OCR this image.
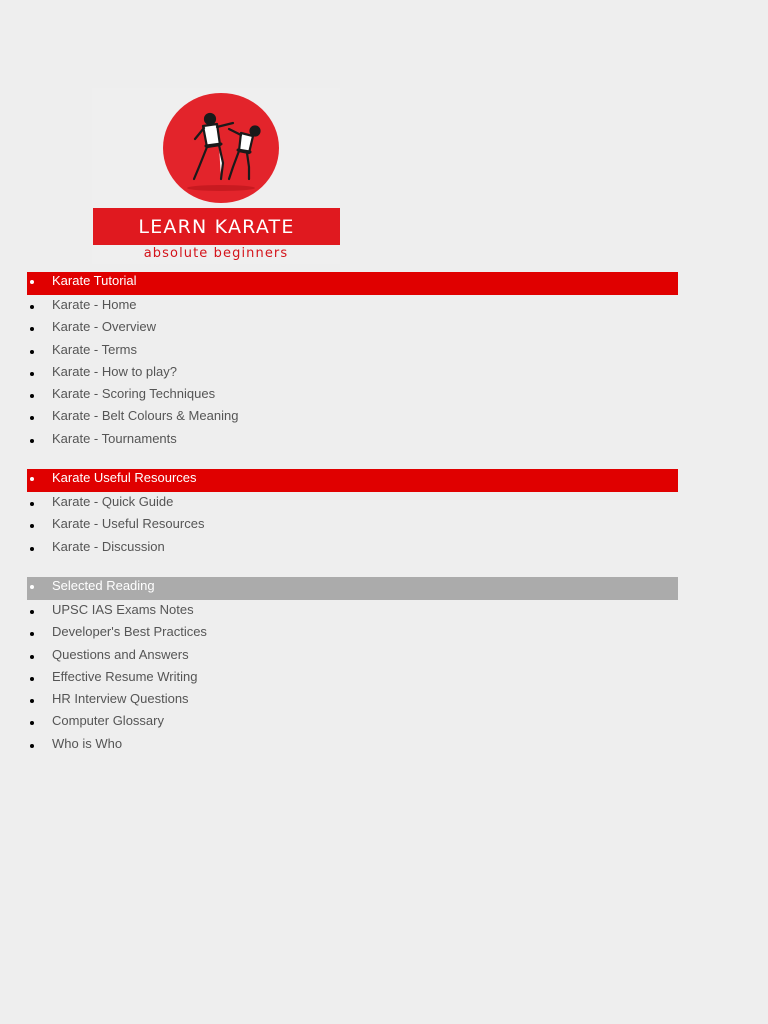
LEARN KARATE
absolute beginners
Karate Tutorial
Karate - Home
Karate - Overview
Karate - Terms
Karate - How to play?
Karate - Scoring Techniques
Karate - Belt Colours & Meaning
Karate - Tournaments
Karate Useful Resources
Karate - Quick Guide
Karate - Useful Resources
Karate - Discussion
Selected Reading
UPSC IAS Exams Notes
Developer's Best Practices
Questions and Answers
Effective Resume Writing
HR Interview Questions
Computer Glossary
Who is Who
